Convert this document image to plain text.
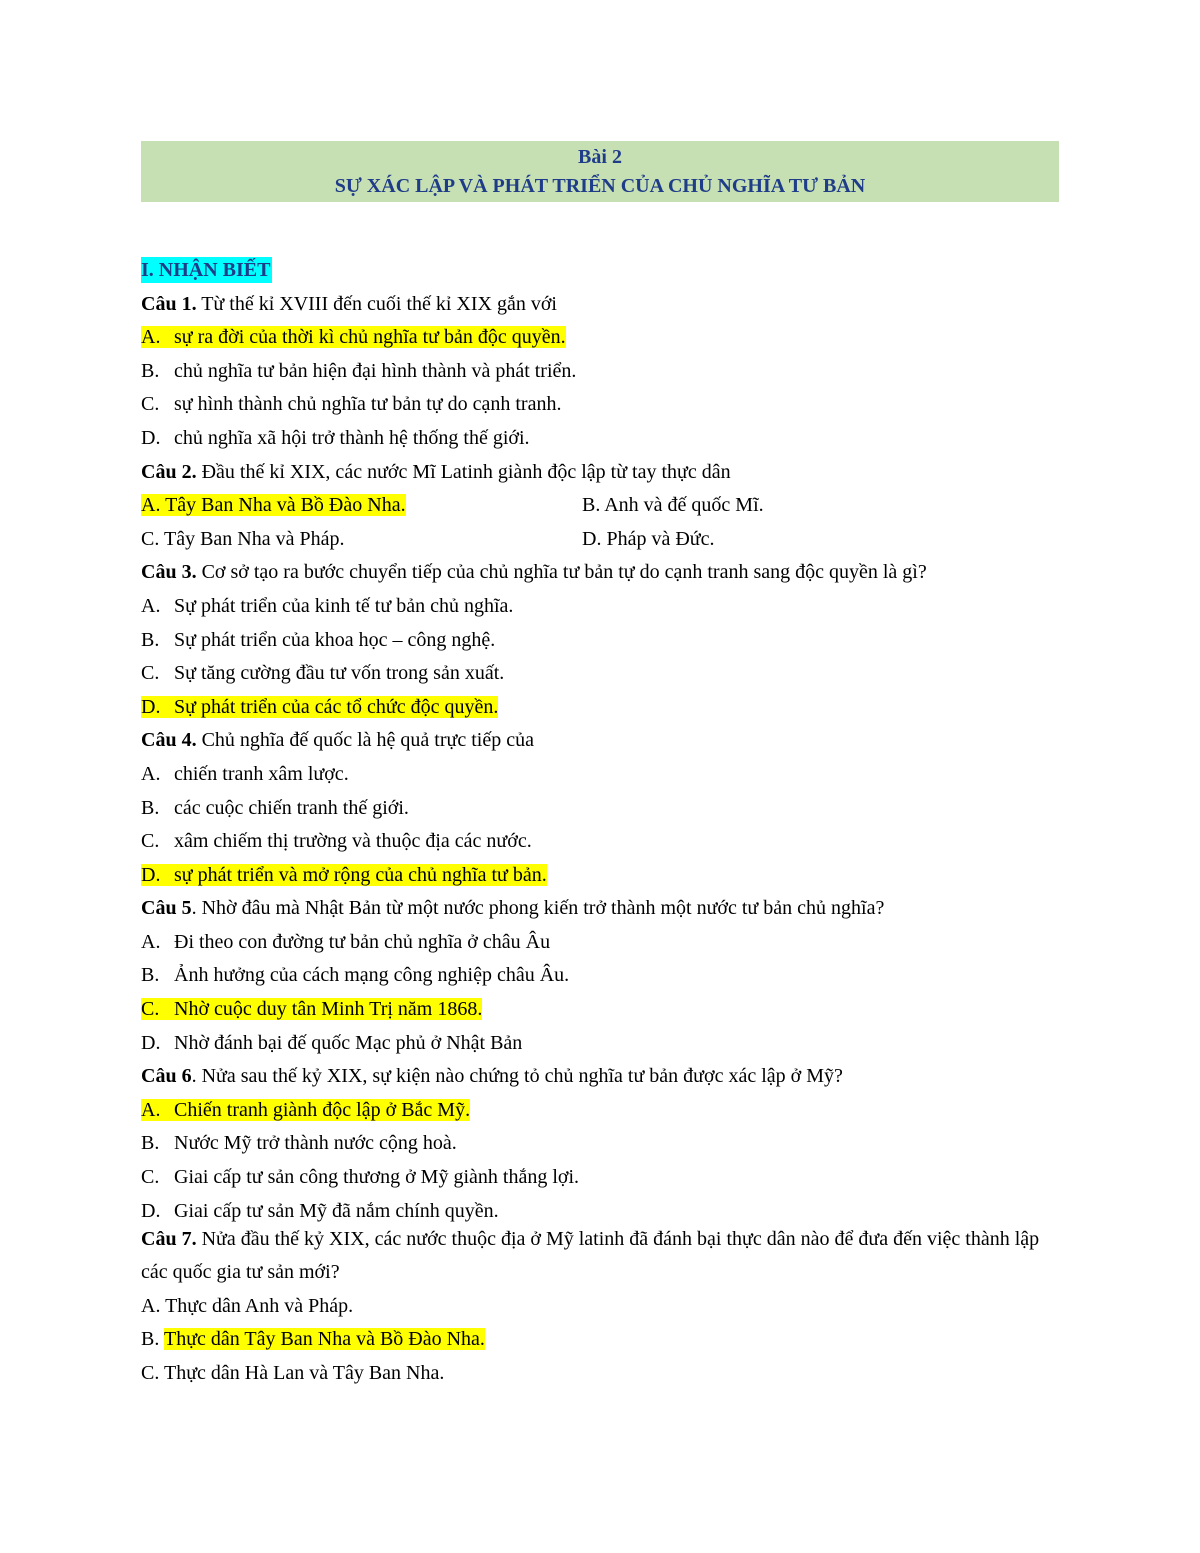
Bài 2
SỰ XÁC LẬP VÀ PHÁT TRIỂN CỦA CHỦ NGHĨA TƯ BẢN
I. NHẬN BIẾT
Câu 1. Từ thế kỉ XVIII đến cuối thế kỉ XIX gắn với
A. sự ra đời của thời kì chủ nghĩa tư bản độc quyền.
B. chủ nghĩa tư bản hiện đại hình thành và phát triển.
C. sự hình thành chủ nghĩa tư bản tự do cạnh tranh.
D. chủ nghĩa xã hội trở thành hệ thống thế giới.
Câu 2. Đầu thế kỉ XIX, các nước Mĩ Latinh giành độc lập từ tay thực dân
A. Tây Ban Nha và Bồ Đào Nha.	B. Anh và đế quốc Mĩ.
C. Tây Ban Nha và Pháp.	D. Pháp và Đức.
Câu 3. Cơ sở tạo ra bước chuyển tiếp của chủ nghĩa tư bản tự do cạnh tranh sang độc quyền là gì?
A. Sự phát triển của kinh tế tư bản chủ nghĩa.
B. Sự phát triển của khoa học – công nghệ.
C. Sự tăng cường đầu tư vốn trong sản xuất.
D. Sự phát triển của các tổ chức độc quyền.
Câu 4. Chủ nghĩa đế quốc là hệ quả trực tiếp của
A. chiến tranh xâm lược.
B. các cuộc chiến tranh thế giới.
C. xâm chiếm thị trường và thuộc địa các nước.
D. sự phát triển và mở rộng của chủ nghĩa tư bản.
Câu 5. Nhờ đâu mà Nhật Bản từ một nước phong kiến trở thành một nước tư bản chủ nghĩa?
A. Đi theo con đường tư bản chủ nghĩa ở châu Âu
B. Ảnh hưởng của cách mạng công nghiệp châu Âu.
C. Nhờ cuộc duy tân Minh Trị năm 1868.
D. Nhờ đánh bại đế quốc Mạc phủ ở Nhật Bản
Câu 6. Nửa sau thế kỷ XIX, sự kiện nào chứng tỏ chủ nghĩa tư bản được xác lập ở Mỹ?
A. Chiến tranh giành độc lập ở Bắc Mỹ.
B. Nước Mỹ trở thành nước cộng hoà.
C. Giai cấp tư sản công thương ở Mỹ giành thắng lợi.
D. Giai cấp tư sản Mỹ đã nắm chính quyền.
Câu 7. Nửa đầu thế kỷ XIX, các nước thuộc địa ở Mỹ latinh đã đánh bại thực dân nào để đưa đến việc thành lập các quốc gia tư sản mới?
A. Thực dân Anh và Pháp.
B. Thực dân Tây Ban Nha và Bồ Đào Nha.
C. Thực dân Hà Lan và Tây Ban Nha.
